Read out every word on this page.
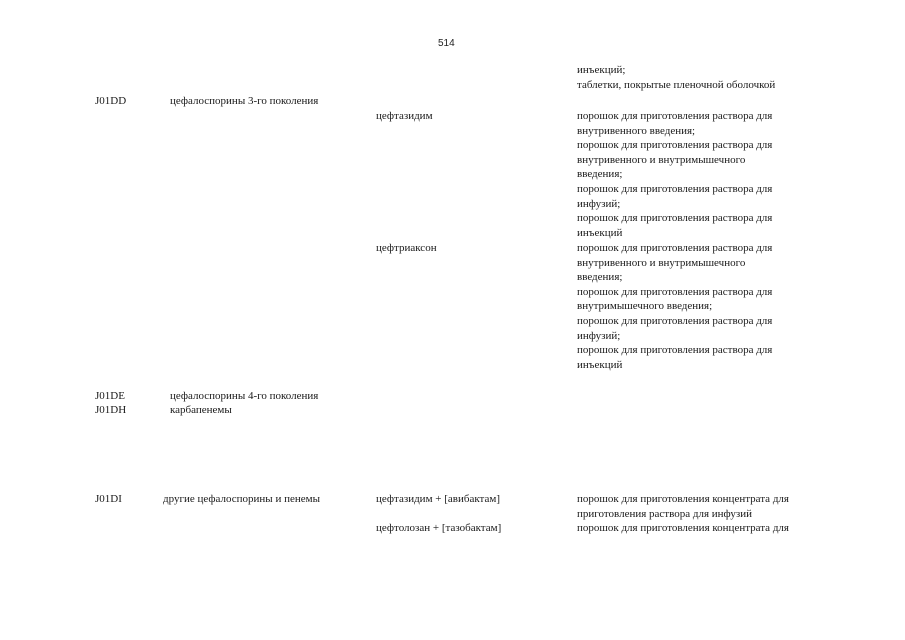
514
инъекций;
таблетки, покрытые пленочной оболочкой
J01DD	цефалоспорины 3-го поколения
цефтазидим	порошок для приготовления раствора для
внутривенного введения;
порошок для приготовления раствора для
внутривенного и внутримышечного
введения;
порошок для приготовления раствора для
инфузий;
порошок для приготовления раствора для
инъекций
цефтриаксон	порошок для приготовления раствора для
внутривенного и внутримышечного
введения;
порошок для приготовления раствора для
внутримышечного введения;
порошок для приготовления раствора для
инфузий;
порошок для приготовления раствора для
инъекций
J01DE	цефалоспорины 4-го поколения
J01DH	карбапенемы
J01DI	другие цефалоспорины и пенемы	цефтазидим + [авибактам]	порошок для приготовления концентрата для
приготовления раствора для инфузий
цефтолозан + [тазобактам]	порошок для приготовления концентрата для
